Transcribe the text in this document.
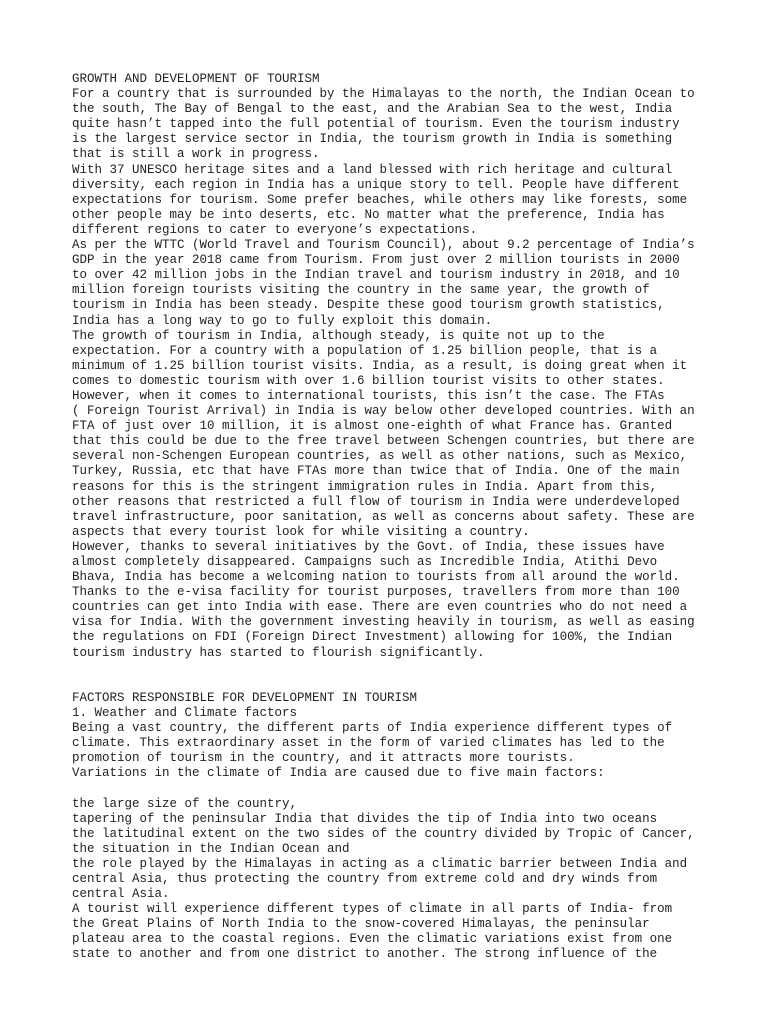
GROWTH AND DEVELOPMENT OF TOURISM
For a country that is surrounded by the Himalayas to the north, the Indian Ocean to
the south, The Bay of Bengal to the east, and the Arabian Sea to the west, India
quite hasn’t tapped into the full potential of tourism. Even the tourism industry
is the largest service sector in India, the tourism growth in India is something
that is still a work in progress.
With 37 UNESCO heritage sites and a land blessed with rich heritage and cultural
diversity, each region in India has a unique story to tell. People have different
expectations for tourism. Some prefer beaches, while others may like forests, some
other people may be into deserts, etc. No matter what the preference, India has
different regions to cater to everyone’s expectations.
As per the WTTC (World Travel and Tourism Council), about 9.2 percentage of India’s
GDP in the year 2018 came from Tourism. From just over 2 million tourists in 2000
to over 42 million jobs in the Indian travel and tourism industry in 2018, and 10
million foreign tourists visiting the country in the same year, the growth of
tourism in India has been steady. Despite these good tourism growth statistics,
India has a long way to go to fully exploit this domain.
The growth of tourism in India, although steady, is quite not up to the
expectation. For a country with a population of 1.25 billion people, that is a
minimum of 1.25 billion tourist visits. India, as a result, is doing great when it
comes to domestic tourism with over 1.6 billion tourist visits to other states.
However, when it comes to international tourists, this isn’t the case. The FTAs
( Foreign Tourist Arrival) in India is way below other developed countries. With an
FTA of just over 10 million, it is almost one-eighth of what France has. Granted
that this could be due to the free travel between Schengen countries, but there are
several non-Schengen European countries, as well as other nations, such as Mexico,
Turkey, Russia, etc that have FTAs more than twice that of India. One of the main
reasons for this is the stringent immigration rules in India. Apart from this,
other reasons that restricted a full flow of tourism in India were underdeveloped
travel infrastructure, poor sanitation, as well as concerns about safety. These are
aspects that every tourist look for while visiting a country.
However, thanks to several initiatives by the Govt. of India, these issues have
almost completely disappeared. Campaigns such as Incredible India, Atithi Devo
Bhava, India has become a welcoming nation to tourists from all around the world.
Thanks to the e-visa facility for tourist purposes, travellers from more than 100
countries can get into India with ease. There are even countries who do not need a
visa for India. With the government investing heavily in tourism, as well as easing
the regulations on FDI (Foreign Direct Investment) allowing for 100%, the Indian
tourism industry has started to flourish significantly.
FACTORS RESPONSIBLE FOR DEVELOPMENT IN TOURISM
1. Weather and Climate factors
Being a vast country, the different parts of India experience different types of
climate. This extraordinary asset in the form of varied climates has led to the
promotion of tourism in the country, and it attracts more tourists.
Variations in the climate of India are caused due to five main factors:
the large size of the country,
tapering of the peninsular India that divides the tip of India into two oceans
the latitudinal extent on the two sides of the country divided by Tropic of Cancer,
the situation in the Indian Ocean and
the role played by the Himalayas in acting as a climatic barrier between India and
central Asia, thus protecting the country from extreme cold and dry winds from
central Asia.
A tourist will experience different types of climate in all parts of India- from
the Great Plains of North India to the snow-covered Himalayas, the peninsular
plateau area to the coastal regions. Even the climatic variations exist from one
state to another and from one district to another. The strong influence of the
